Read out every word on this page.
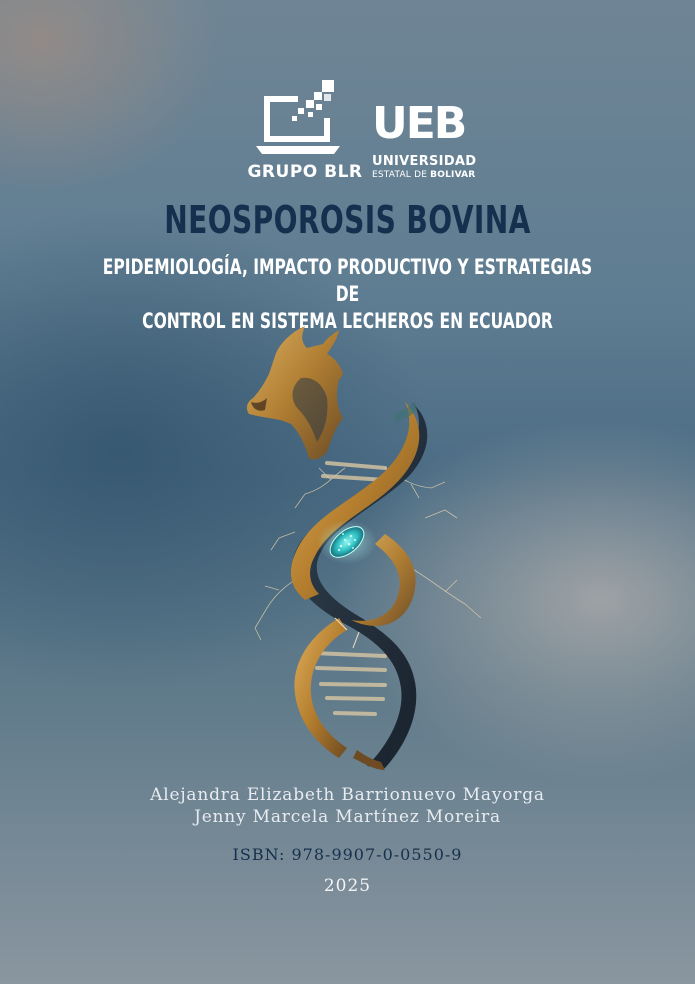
GRUPO BLR
UEB
UNIVERSIDAD
ESTATAL DE BOLIVAR
NEOSPOROSIS BOVINA
EPIDEMIOLOGÍA, IMPACTO PRODUCTIVO Y ESTRATEGIAS DE
CONTROL EN SISTEMA LECHEROS EN ECUADOR
Alejandra Elizabeth Barrionuevo Mayorga
Jenny Marcela Martínez Moreira
ISBN: 978-9907-0-0550-9
2025
